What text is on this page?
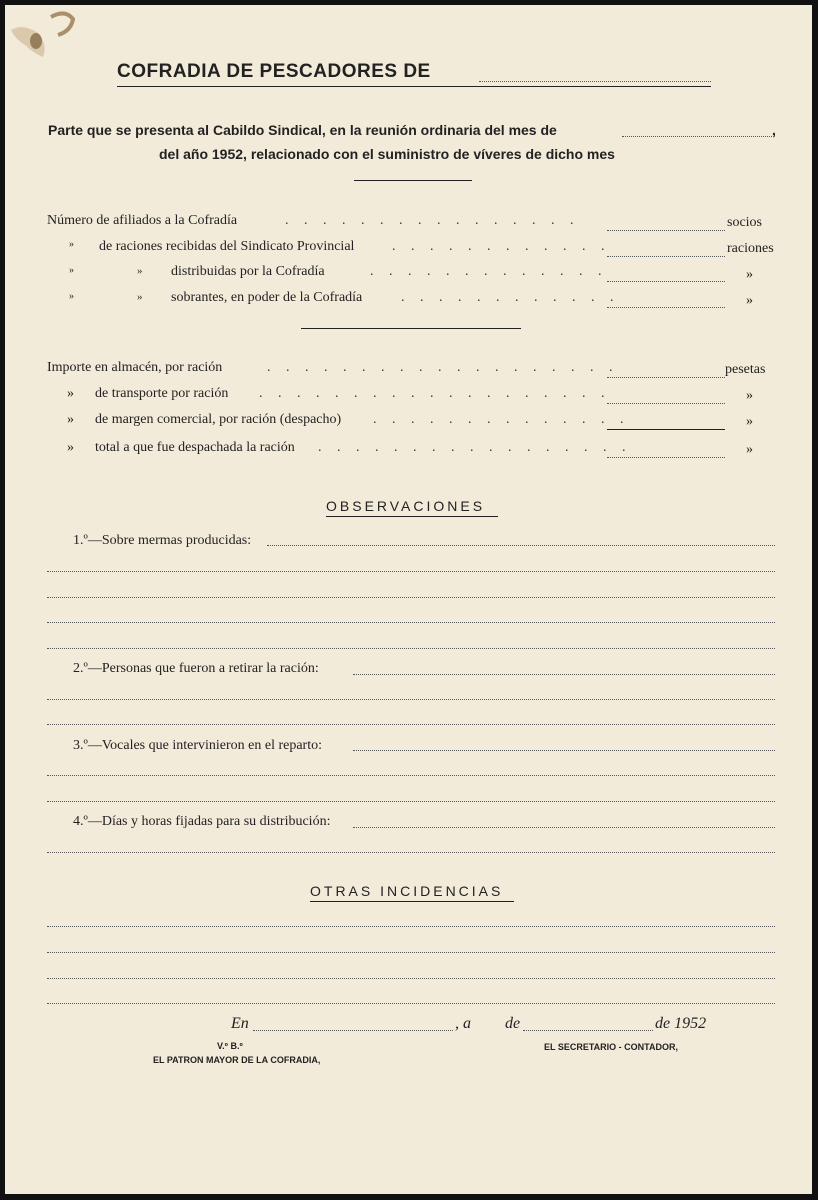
COFRADIA DE PESCADORES DE
Parte que se presenta al Cabildo Sindical, en la reunión ordinaria del mes de	,
del año 1952, relacionado con el suministro de víveres de dicho mes
Número de afiliados a la Cofradía	. . . . . . . . . . . . . . . .	socios
» de raciones recibidas del Sindicato Provincial	. . . . . . . . . . . .	raciones
»	» distribuidas por la Cofradía	. . . . . . . . . . . . .	»
»	» sobrantes, en poder de la Cofradía	. . . . . . . . . . . .	»
Importe en almacén, por ración	. . . . . . . . . . . . . . . . . . .	pesetas
» de transporte por ración . . . . . . . . . . . . . . . . . . .	»
» de margen comercial, por ración (despacho) . . . . . . . . . . . . . .	»
» total a que fue despachada la ración . . . . . . . . . . . . . . . . .	»
OBSERVACIONES
1.º—Sobre mermas producidas:
2.º—Personas que fueron a retirar la ración:
3.º—Vocales que intervinieron en el reparto:
4.º—Días y horas fijadas para su distribución:
OTRAS INCIDENCIAS
En	, a de	de 1952
V.º B.º
EL PATRON MAYOR DE LA COFRADIA,
EL SECRETARIO - CONTADOR,
